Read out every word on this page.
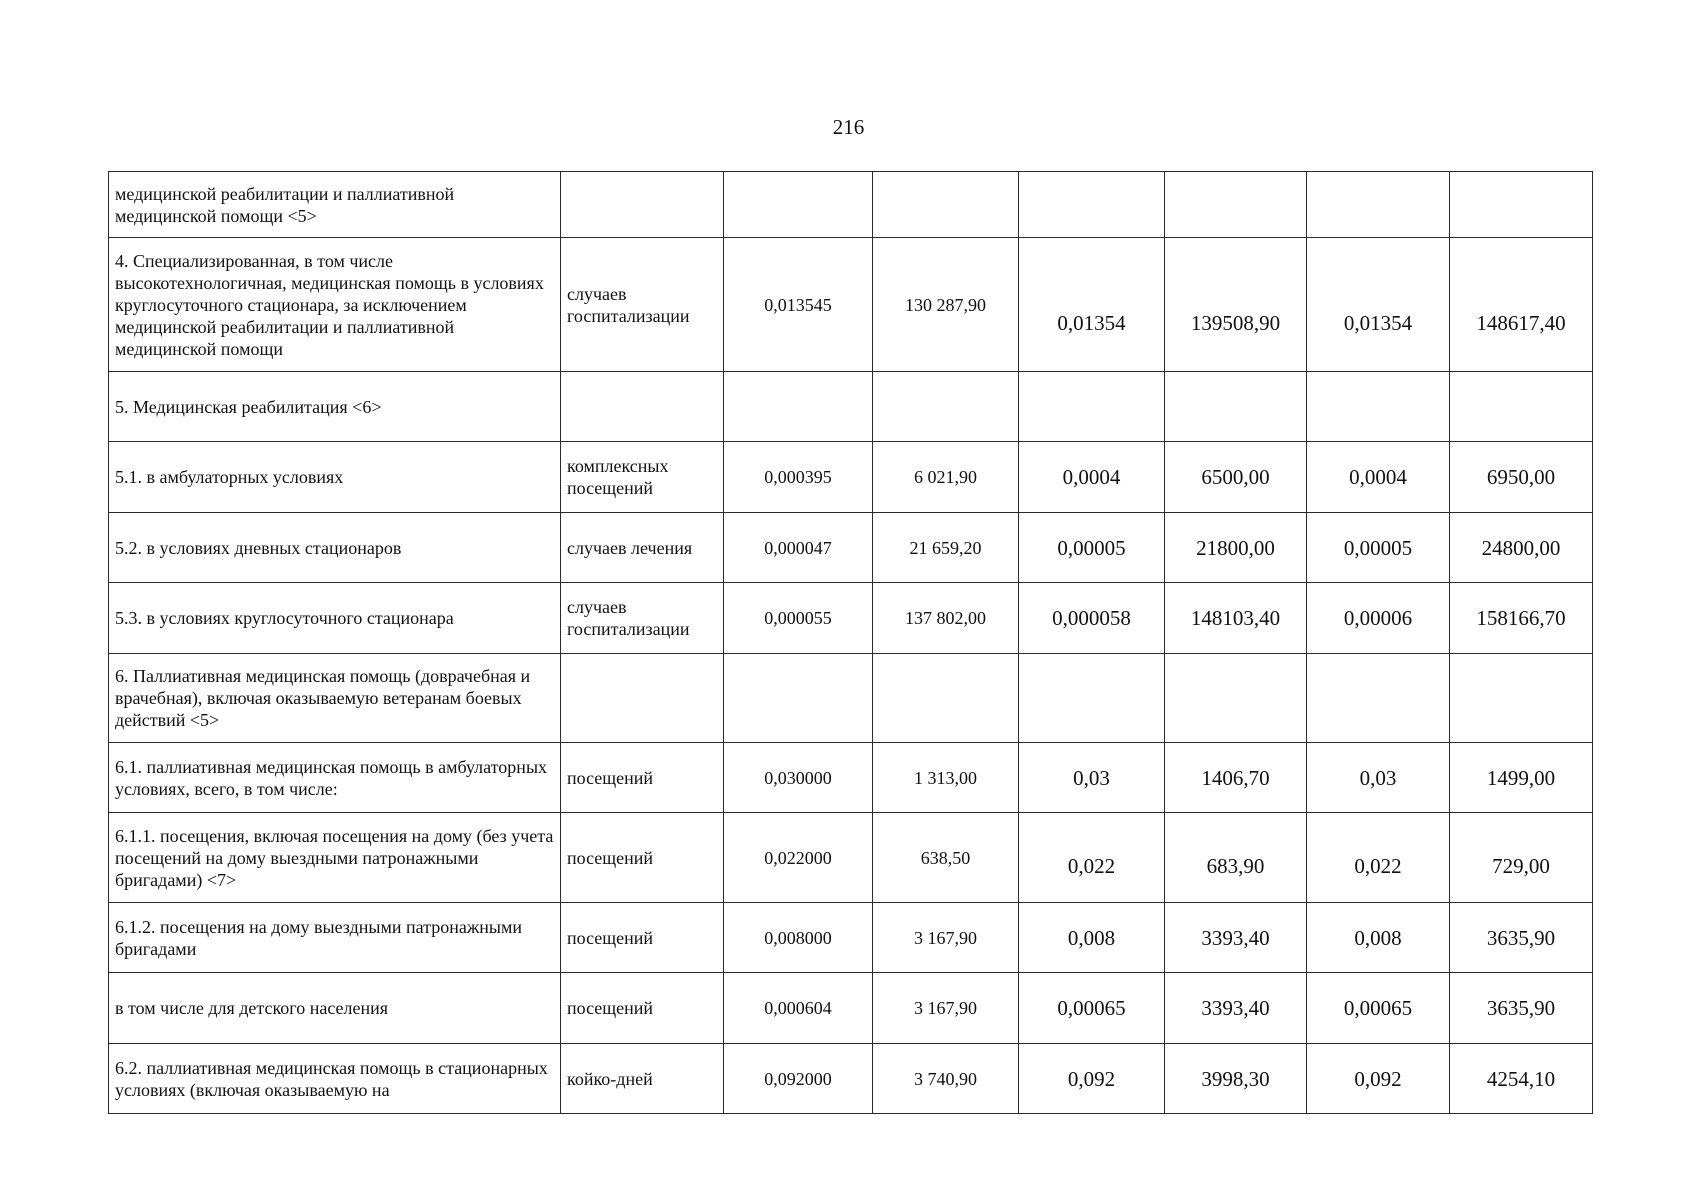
216
медицинской реабилитации и паллиативной медицинской помощи <5>							
4. Специализированная, в том числе высокотехнологичная, медицинская помощь в условиях круглосуточного стационара, за исключением медицинской реабилитации и паллиативной медицинской помощи	случаев госпитализации	0,013545	130 287,90	0,01354	139508,90	0,01354	148617,40
5. Медицинская реабилитация <6>							
5.1. в амбулаторных условиях	комплексных посещений	0,000395	6 021,90	0,0004	6500,00	0,0004	6950,00
5.2. в условиях дневных стационаров	случаев лечения	0,000047	21 659,20	0,00005	21800,00	0,00005	24800,00
5.3. в условиях круглосуточного стационара	случаев госпитализации	0,000055	137 802,00	0,000058	148103,40	0,00006	158166,70
6. Паллиативная медицинская помощь (доврачебная и врачебная), включая оказываемую ветеранам боевых действий <5>							
6.1. паллиативная медицинская помощь в амбулаторных условиях, всего, в том числе:	посещений	0,030000	1 313,00	0,03	1406,70	0,03	1499,00
6.1.1. посещения, включая посещения на дому (без учета посещений на дому выездными патронажными бригадами) <7>	посещений	0,022000	638,50	0,022	683,90	0,022	729,00
6.1.2. посещения на дому выездными патронажными бригадами	посещений	0,008000	3 167,90	0,008	3393,40	0,008	3635,90
в том числе для детского населения	посещений	0,000604	3 167,90	0,00065	3393,40	0,00065	3635,90
6.2. паллиативная медицинская помощь в стационарных условиях (включая оказываемую на	койко-дней	0,092000	3 740,90	0,092	3998,30	0,092	4254,10
